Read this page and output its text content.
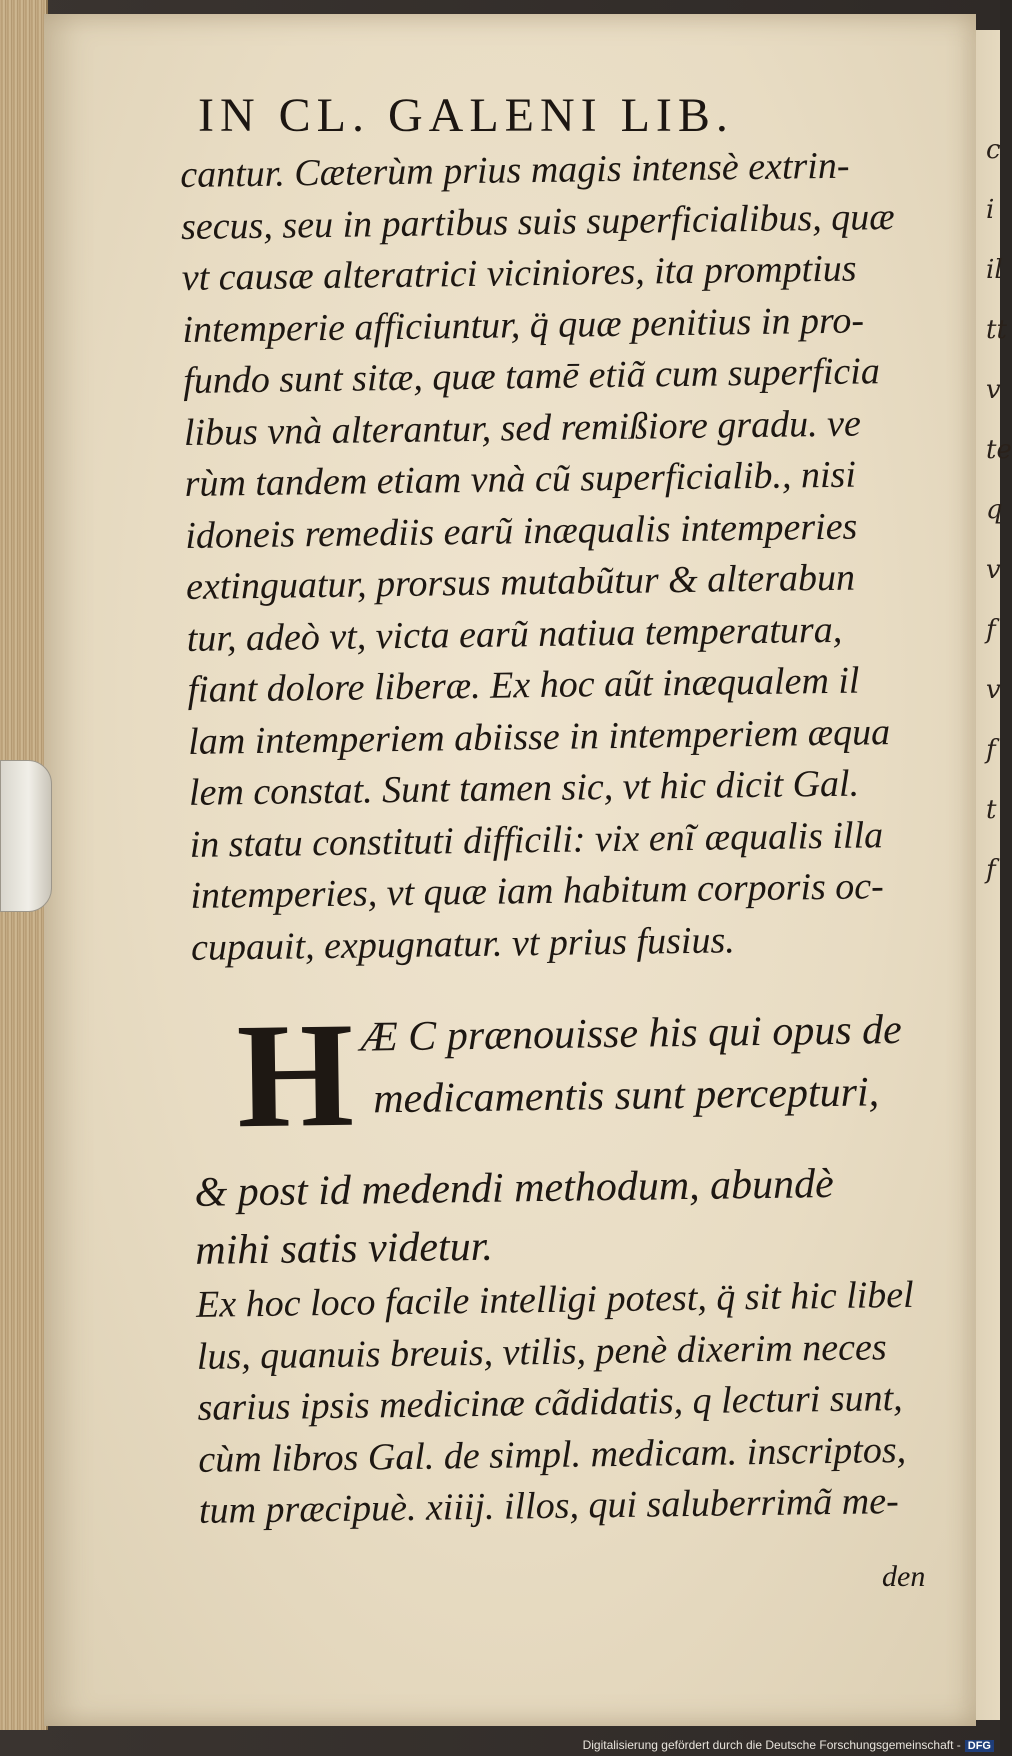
c
i
il
tt
v
te
q
v
f
v
f
t
f
IN CL. GALENI LIB.
cantur. Cæterùm prius magis intensè extrin-
secus, seu in partibus suis superficialibus, quæ
vt causæ alteratrici viciniores, ita promptius
intemperie afficiuntur, q̈ quæ penitius in pro-
fundo sunt sitæ, quæ tamē etiã cum superficia
libus vnà alterantur, sed remißiore gradu. ve
rùm tandem etiam vnà cũ superficialib., nisi
idoneis remediis earũ inæqualis intemperies
extinguatur, prorsus mutabũtur & alterabun
tur, adeò vt, victa earũ natiua temperatura,
fiant dolore liberæ. Ex hoc aũt inæqualem il
lam intemperiem abiisse in intemperiem æqua
lem constat. Sunt tamen sic, vt hic dicit Gal.
in statu constituti difficili: vix enĩ æqualis illa
intemperies, vt quæ iam habitum corporis oc-
cupauit, expugnatur. vt prius fusius.
H Æ C prænouisse his qui opus de
medicamentis sunt percepturi,
& post id medendi methodum, abundè
mihi satis videtur.
Ex hoc loco facile intelligi potest, q̈ sit hic libel
lus, quanuis breuis, vtilis, penè dixerim neces
sarius ipsis medicinæ cãdidatis, q lecturi sunt,
cùm libros Gal. de simpl. medicam. inscriptos,
tum præcipuè. xiiij. illos, qui saluberrimã me-
den
Digitalisierung gefördert durch die Deutsche Forschungsgemeinschaft - DFG
